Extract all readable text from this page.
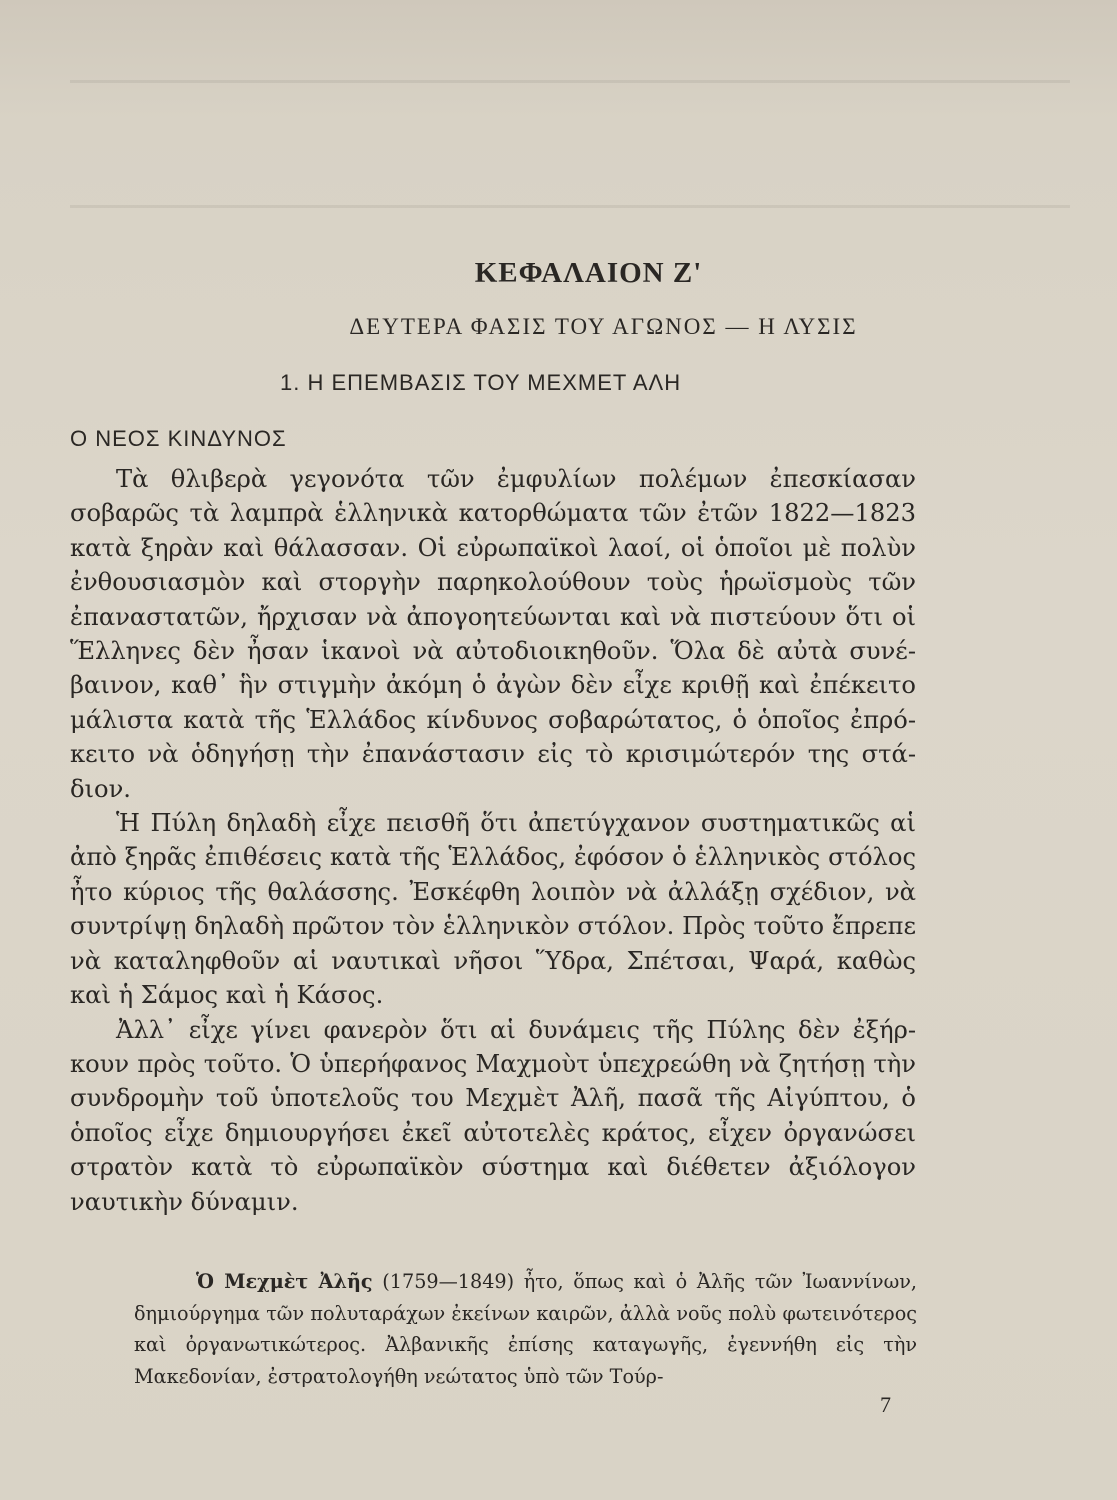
ΚΕΦΑΛΑΙΟΝ Ζ'
ΔΕΥΤΕΡΑ ΦΑΣΙΣ ΤΟΥ ΑΓΩΝΟΣ — Η ΛΥΣΙΣ
1. Η ΕΠΕΜΒΑΣΙΣ ΤΟΥ ΜΕΧΜΕΤ ΑΛΗ
Ο ΝΕΟΣ ΚΙΝΔΥΝΟΣ

Τὰ θλιβερὰ γεγονότα τῶν ἐμφυλίων πολέμων ἐπεσκίασαν σοβαρῶς τὰ λαμπρὰ ἑλληνικὰ κατορθώματα τῶν ἐτῶν 1822—1823 κατὰ ξηρὰν καὶ θάλασσαν. Οἱ εὐρωπαϊκοὶ λαοί, οἱ ὁποῖοι μὲ πολὺν ἐνθουσιασμὸν καὶ στοργὴν παρηκολούθουν τοὺς ἡρωϊσμοὺς τῶν ἐπαναστατῶν, ἤρχισαν νὰ ἀπογοητεύωνται καὶ νὰ πιστεύουν ὅτι οἱ Ἕλληνες δὲν ἦσαν ἱκανοὶ νὰ αὐτοδιοικηθοῦν. Ὅλα δὲ αὐτὰ συνέβαινον, καθ᾽ ἣν στιγμὴν ἀκόμη ὁ ἀγὼν δὲν εἶχε κριθῇ καὶ ἐπέκειτο μάλιστα κατὰ τῆς Ἑλλάδος κίνδυνος σοβαρώτατος, ὁ ὁποῖος ἐπρόκειτο νὰ ὁδηγήσῃ τὴν ἐπανάστασιν εἰς τὸ κρισιμώτερόν της στάδιον.

Ἡ Πύλη δηλαδὴ εἶχε πεισθῆ ὅτι ἀπετύγχανον συστηματικῶς αἱ ἀπὸ ξηρᾶς ἐπιθέσεις κατὰ τῆς Ἑλλάδος, ἐφόσον ὁ ἑλληνικὸς στόλος ἦτο κύριος τῆς θαλάσσης. Ἐσκέφθη λοιπὸν νὰ ἀλλάξῃ σχέδιον, νὰ συντρίψῃ δηλαδὴ πρῶτον τὸν ἑλληνικὸν στόλον. Πρὸς τοῦτο ἔπρεπε νὰ καταληφθοῦν αἱ ναυτικαὶ νῆσοι Ὕδρα, Σπέτσαι, Ψαρά, καθὼς καὶ ἡ Σάμος καὶ ἡ Κάσος.

Ἀλλ᾽ εἶχε γίνει φανερὸν ὅτι αἱ δυνάμεις τῆς Πύλης δὲν ἐξήρκουν πρὸς τοῦτο. Ὁ ὑπερήφανος Μαχμοὺτ ὑπεχρεώθη νὰ ζητήσῃ τὴν συνδρομὴν τοῦ ὑποτελοῦς του Μεχμὲτ Ἀλῆ, πασᾶ τῆς Αἰγύπτου, ὁ ὁποῖος εἶχε δημιουργήσει ἐκεῖ αὐτοτελὲς κράτος, εἶχεν ὀργανώσει στρατὸν κατὰ τὸ εὐρωπαϊκὸν σύστημα καὶ διέθετεν ἀξιόλογον ναυτικὴν δύναμιν.

Ὁ Μεχμὲτ Ἀλῆς (1759—1849) ἦτο, ὅπως καὶ ὁ Ἀλῆς τῶν Ἰωαννίνων, δημιούργημα τῶν πολυταράχων ἐκείνων καιρῶν, ἀλλὰ νοῦς πολὺ φωτεινότερος καὶ ὀργανωτικώτερος. Ἀλβανικῆς ἐπίσης καταγωγῆς, ἐγεννήθη εἰς τὴν Μακεδονίαν, ἐστρατολογήθη νεώτατος ὑπὸ τῶν Τούρ-

7
